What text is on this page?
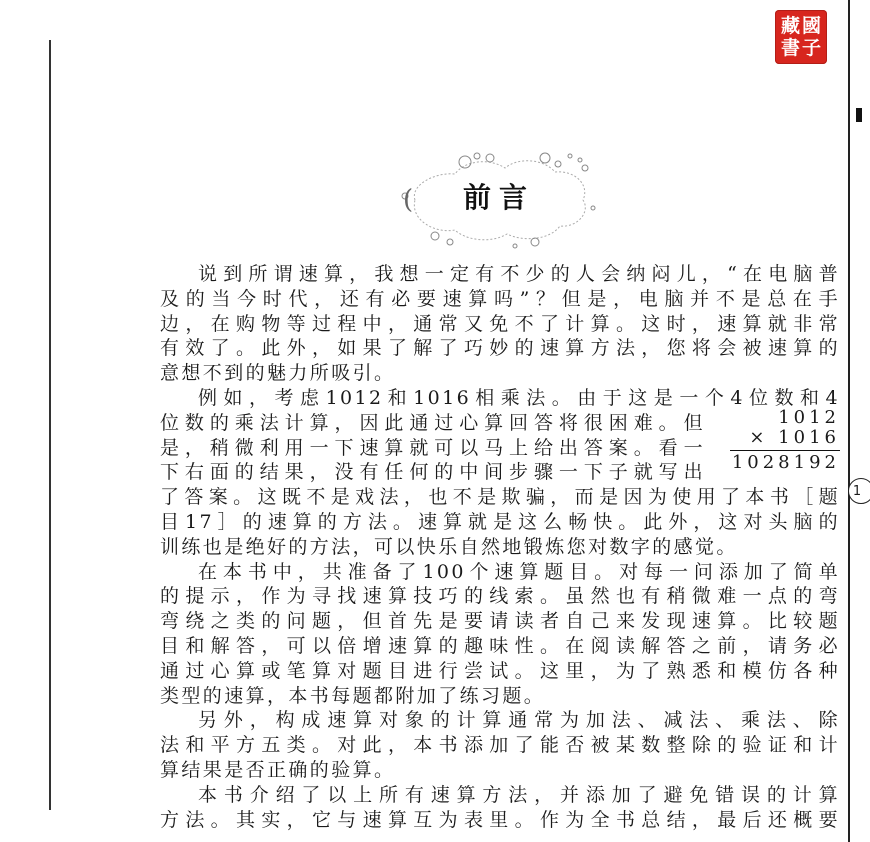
藏 國
書 子
(	前言

说到所谓速算，我想一定有不少的人会纳闷儿，“在电脑普

及的当今时代，还有必要速算吗”？但是，电脑并不是总在手

边，在购物等过程中，通常又免不了计算。这时，速算就非常

有效了。此外，如果了解了巧妙的速算方法，您将会被速算的

意想不到的魅力所吸引。

例如，考虑1012和1016相乘法。由于这是一个4位数和4

位数的乘法计算，因此通过心算回答将很困难。但

是，稍微利用一下速算就可以马上给出答案。看一

下右面的结果，没有任何的中间步骤一下子就写出

了答案。这既不是戏法，也不是欺骗，而是因为使用了本书［题

目17］的速算的方法。速算就是这么畅快。此外，这对头脑的

训练也是绝好的方法，可以快乐自然地锻炼您对数字的感觉。

在本书中，共准备了100个速算题目。对每一问添加了简单

的提示，作为寻找速算技巧的线索。虽然也有稍微难一点的弯

弯绕之类的问题，但首先是要请读者自己来发现速算。比较题

目和解答，可以倍增速算的趣味性。在阅读解答之前，请务必

通过心算或笔算对题目进行尝试。这里，为了熟悉和模仿各种

类型的速算，本书每题都附加了练习题。

另外，构成速算对象的计算通常为加法、减法、乘法、除

法和平方五类。对此，本书添加了能否被某数整除的验证和计

算结果是否正确的验算。

本书介绍了以上所有速算方法，并添加了避免错误的计算

方法。其实，它与速算互为表里。作为全书总结，最后还概要

1012
× 1016
1028192
1
